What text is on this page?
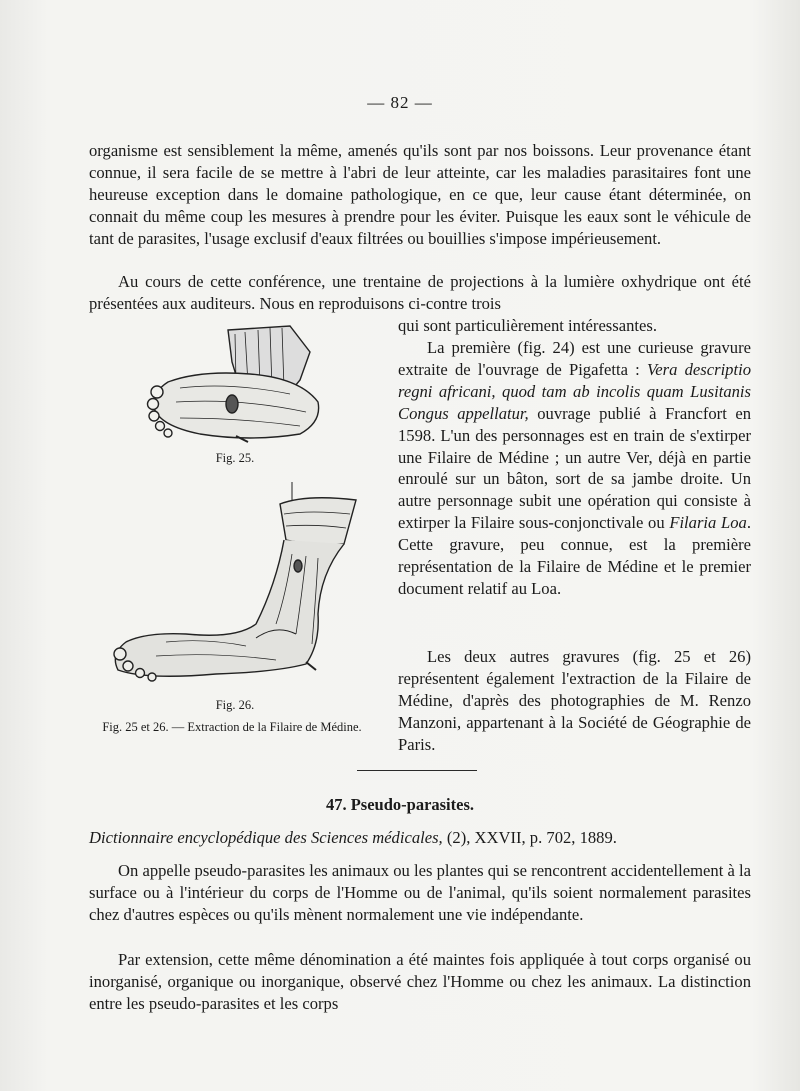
— 82 —

organisme est sensiblement la même, amenés qu'ils sont par nos boissons. Leur provenance étant connue, il sera facile de se mettre à l'abri de leur atteinte, car les maladies parasitaires font une heureuse exception dans le domaine pathologique, en ce que, leur cause étant déterminée, on connait du même coup les mesures à prendre pour les éviter. Puisque les eaux sont le véhicule de tant de parasites, l'usage exclusif d'eaux filtrées ou bouillies s'impose impérieusement.

Au cours de cette conférence, une trentaine de projections à la lumière oxhydrique ont été présentées aux auditeurs. Nous en reproduisons ci-contre trois

qui sont particulièrement intéressantes.

La première (fig. 24) est une curieuse gravure extraite de l'ouvrage de Pigafetta : Vera descriptio regni africani, quod tam ab incolis quam Lusitanis Congus appellatur, ouvrage publié à Francfort en 1598. L'un des personnages est en train de s'extirper une Filaire de Médine ; un autre Ver, déjà en partie enroulé sur un bâton, sort de sa jambe droite. Un autre personnage subit une opération qui consiste à extirper la Filaire sous-conjonctivale ou Filaria Loa. Cette gravure, peu connue, est la première représentation de la Filaire de Médine et le premier document relatif au Loa.

Les deux autres gravures (fig. 25 et 26) représentent également l'extraction de la Filaire de Médine, d'après des photographies de M. Renzo Manzoni, appartenant à la Société de Géographie de Paris.

Fig. 25.
Fig. 26.
Fig. 25 et 26. — Extraction de la Filaire de Médine.
47. Pseudo-parasites.
Dictionnaire encyclopédique des Sciences médicales, (2), XXVII, p. 702, 1889.

On appelle pseudo-parasites les animaux ou les plantes qui se rencontrent accidentellement à la surface ou à l'intérieur du corps de l'Homme ou de l'animal, qu'ils soient normalement parasites chez d'autres espèces ou qu'ils mènent normalement une vie indépendante.

Par extension, cette même dénomination a été maintes fois appliquée à tout corps organisé ou inorganisé, organique ou inorganique, observé chez l'Homme ou chez les animaux. La distinction entre les pseudo-parasites et les corps
